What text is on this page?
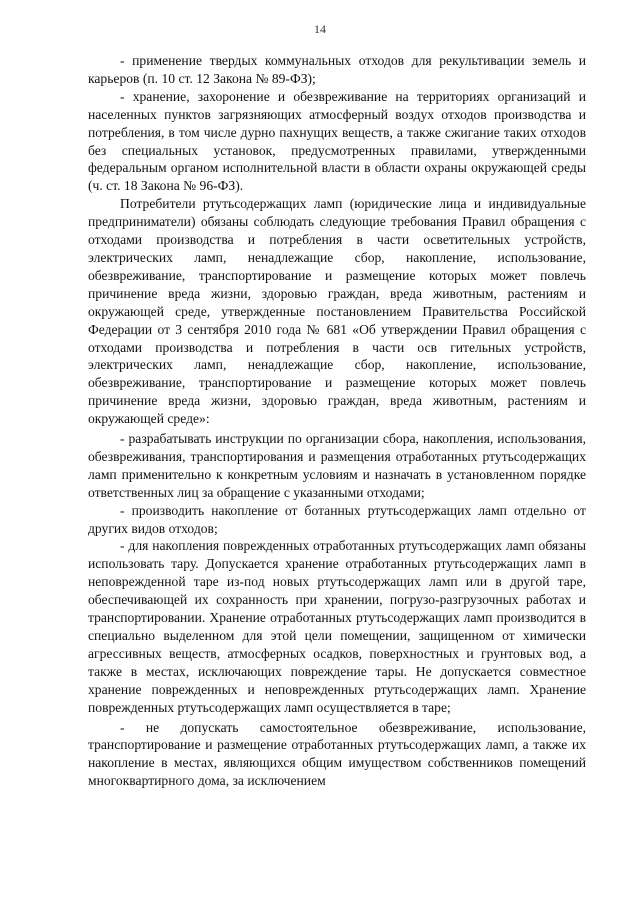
14

- применение твердых коммунальных отходов для рекультивации земель и карьеров (п. 10 ст. 12 Закона № 89-ФЗ);

- хранение, захоронение и обезвреживание на территориях организаций и населенных пунктов загрязняющих атмосферный воздух отходов производства и потребления, в том числе дурно пахнущих веществ, а также сжигание таких отходов без специальных установок, предусмотренных правилами, утвержденными федеральным органом исполнительной власти в области охраны окружающей среды (ч. ст. 18 Закона № 96-ФЗ).

Потребители ртутьсодержащих ламп (юридические лица и индивидуальные предприниматели) обязаны соблюдать следующие требования Правил обращения с отходами производства и потребления в части осветительных устройств, электрических ламп, ненадлежащие сбор, накопление, использование, обезвреживание, транспортирование и размещение которых может повлечь причинение вреда жизни, здоровью граждан, вреда животным, растениям и окружающей среде, утвержденные постановлением Правительства Российской Федерации от 3 сентября 2010 года № 681 «Об утверждении Правил обращения с отходами производства и потребления в части осв гительных устройств, электрических ламп, ненадлежащие сбор, накопление, использование, обезвреживание, транспортирование и размещение которых может повлечь причинение вреда жизни, здоровью граждан, вреда животным, растениям и окружающей среде»:

- разрабатывать инструкции по организации сбора, накопления, использования, обезвреживания, транспортирования и размещения отработанных ртутьсодержащих ламп применительно к конкретным условиям и назначать в установленном порядке ответственных лиц за обращение с указанными отходами;

- производить накопление от ботанных ртутьсодержащих ламп отдельно от других видов отходов;

- для накопления поврежденных отработанных ртутьсодержащих ламп обязаны использовать тару. Допускается хранение отработанных ртутьсодержащих ламп в неповрежденной таре из-под новых ртутьсодержащих ламп или в другой таре, обеспечивающей их сохранность при хранении, погрузо-разгрузочных работах и транспортировании. Хранение отработанных ртутьсодержащих ламп производится в специально выделенном для этой цели помещении, защищенном от химически агрессивных веществ, атмосферных осадков, поверхностных и грунтовых вод, а также в местах, исключающих повреждение тары. Не допускается совместное хранение поврежденных и неповрежденных ртутьсодержащих ламп. Хранение поврежденных ртутьсодержащих ламп осуществляется в таре;

- не допускать самостоятельное обезвреживание, использование, транспортирование и размещение отработанных ртутьсодержащих ламп, а также их накопление в местах, являющихся общим имуществом собственников помещений многоквартирного дома, за исключением
